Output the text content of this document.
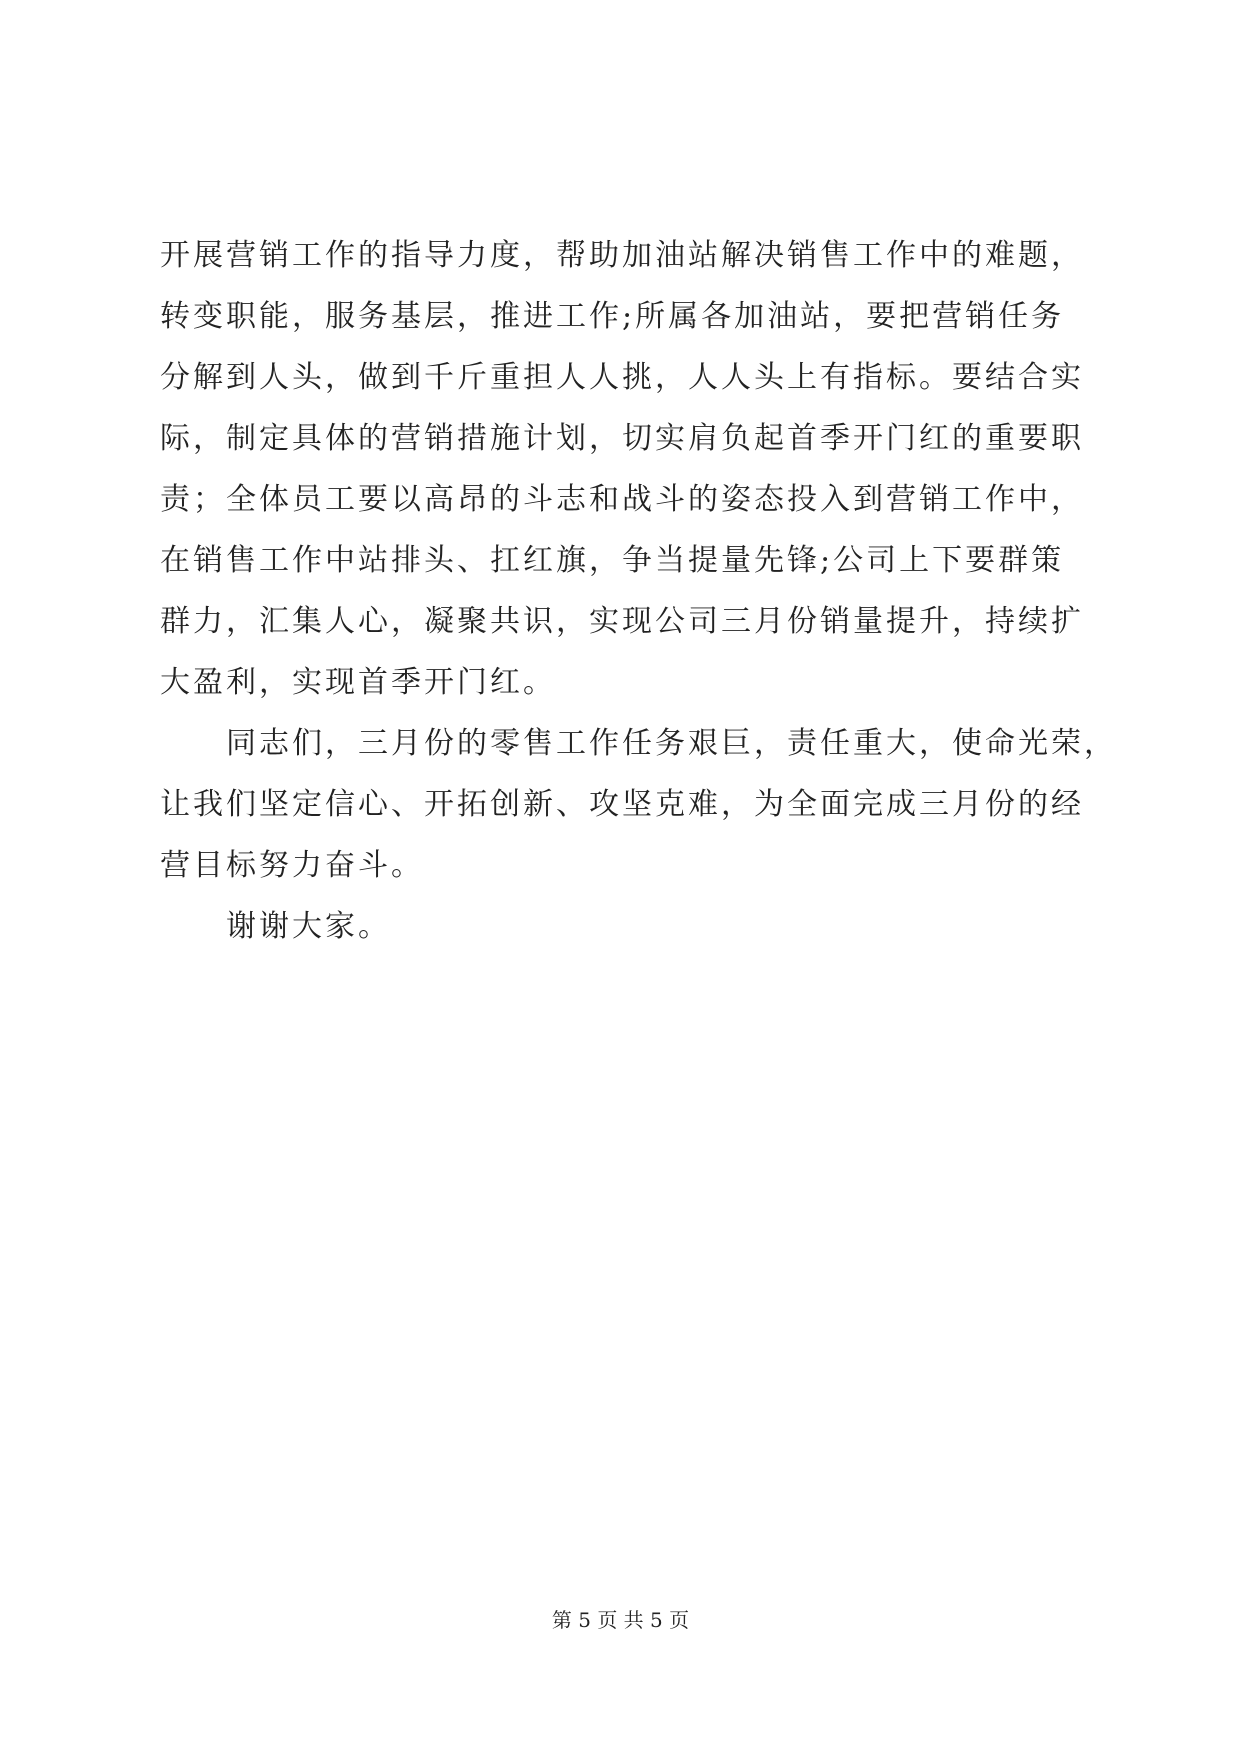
开展营销工作的指导力度，帮助加油站解决销售工作中的难题，
转变职能，服务基层，推进工作;所属各加油站，要把营销任务
分解到人头，做到千斤重担人人挑，人人头上有指标。要结合实
际，制定具体的营销措施计划，切实肩负起首季开门红的重要职
责；全体员工要以高昂的斗志和战斗的姿态投入到营销工作中，
在销售工作中站排头、扛红旗，争当提量先锋;公司上下要群策
群力，汇集人心，凝聚共识，实现公司三月份销量提升，持续扩
大盈利，实现首季开门红。
　　同志们，三月份的零售工作任务艰巨，责任重大，使命光荣，
让我们坚定信心、开拓创新、攻坚克难，为全面完成三月份的经
营目标努力奋斗。
　　谢谢大家。
第 5 页 共 5 页
